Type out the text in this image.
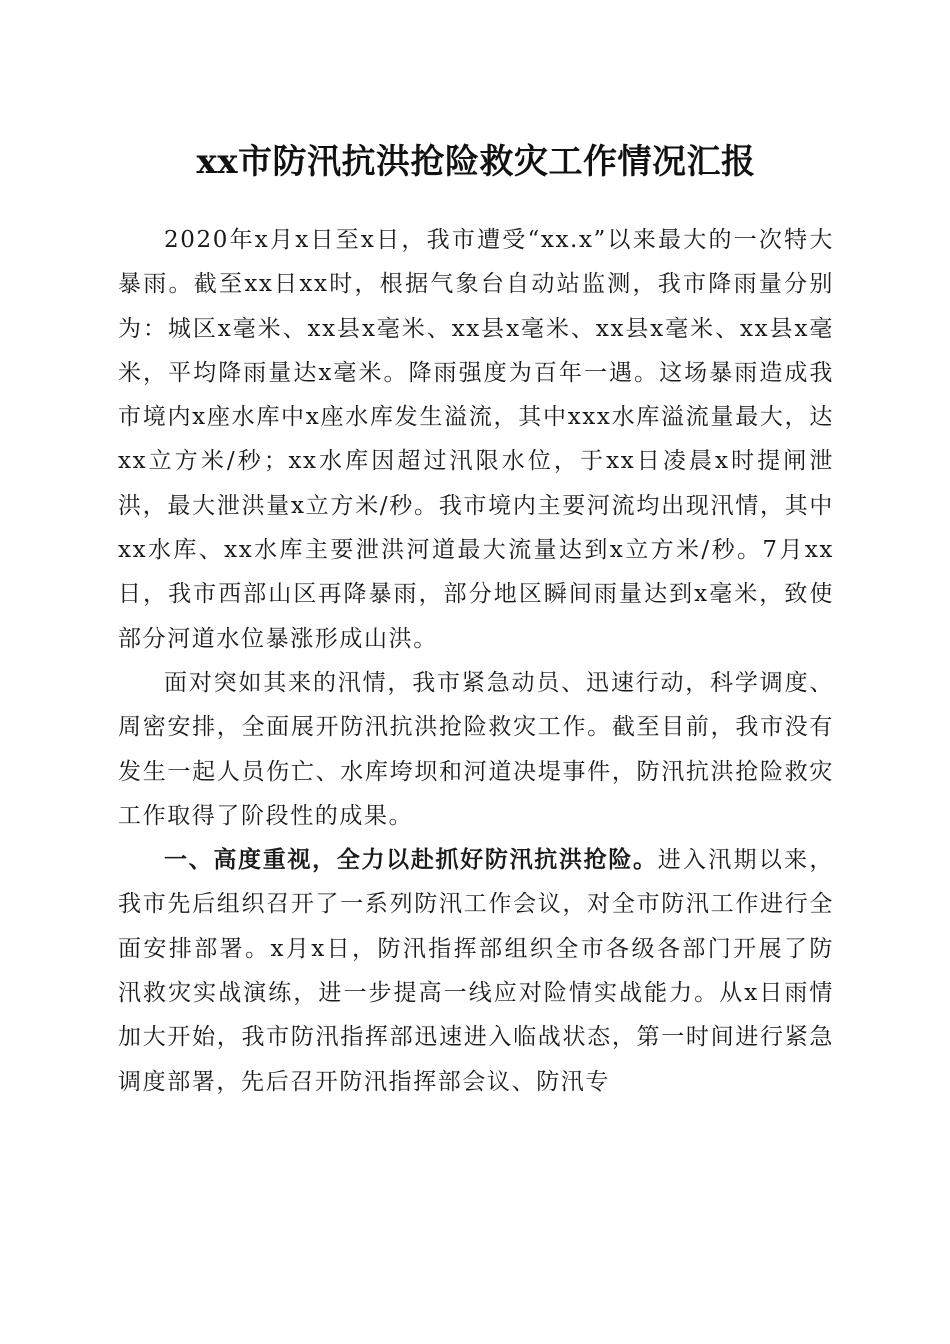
xx市防汛抗洪抢险救灾工作情况汇报

2020年x月x日至x日，我市遭受“xx.x”以来最大的一次特大暴雨。截至xx日xx时，根据气象台自动站监测，我市降雨量分别为：城区x毫米、xx县x毫米、xx县x毫米、xx县x毫米、xx县x毫米，平均降雨量达x毫米。降雨强度为百年一遇。这场暴雨造成我市境内x座水库中x座水库发生溢流，其中xxx水库溢流量最大，达xx立方米/秒；xx水库因超过汛限水位，于xx日凌晨x时提闸泄洪，最大泄洪量x立方米/秒。我市境内主要河流均出现汛情，其中xx水库、xx水库主要泄洪河道最大流量达到x立方米/秒。7月xx日，我市西部山区再降暴雨，部分地区瞬间雨量达到x毫米，致使部分河道水位暴涨形成山洪。

面对突如其来的汛情，我市紧急动员、迅速行动，科学调度、周密安排，全面展开防汛抗洪抢险救灾工作。截至目前，我市没有发生一起人员伤亡、水库垮坝和河道决堤事件，防汛抗洪抢险救灾工作取得了阶段性的成果。

一、高度重视，全力以赴抓好防汛抗洪抢险。进入汛期以来，我市先后组织召开了一系列防汛工作会议，对全市防汛工作进行全面安排部署。x月x日，防汛指挥部组织全市各级各部门开展了防汛救灾实战演练，进一步提高一线应对险情实战能力。从x日雨情加大开始，我市防汛指挥部迅速进入临战状态，第一时间进行紧急调度部署，先后召开防汛指挥部会议、防汛专
